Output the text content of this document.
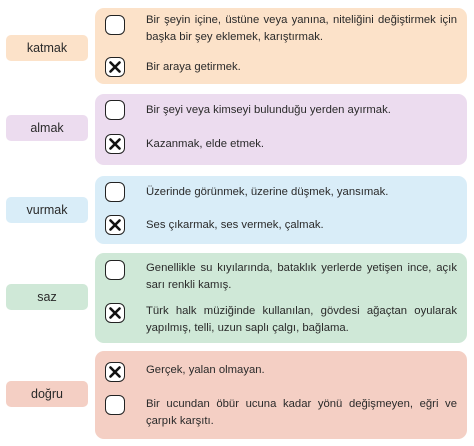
katmak
Bir şeyin içine, üstüne veya yanına, niteliğini değiştirmek için başka bir şey eklemek, karıştırmak.
Bir araya getirmek.
almak
Bir şeyi veya kimseyi bulunduğu yerden ayırmak.
Kazanmak, elde etmek.
vurmak
Üzerinde görünmek, üzerine düşmek, yansımak.
Ses çıkarmak, ses vermek, çalmak.
saz
Genellikle su kıyılarında, bataklık yerlerde yetişen ince, açık sarı renkli kamış.
Türk halk müziğinde kullanılan, gövdesi ağaçtan oyularak yapılmış, telli, uzun saplı çalgı, bağlama.
doğru
Gerçek, yalan olmayan.
Bir ucundan öbür ucuna kadar yönü değişmeyen, eğri ve çarpık karşıtı.
